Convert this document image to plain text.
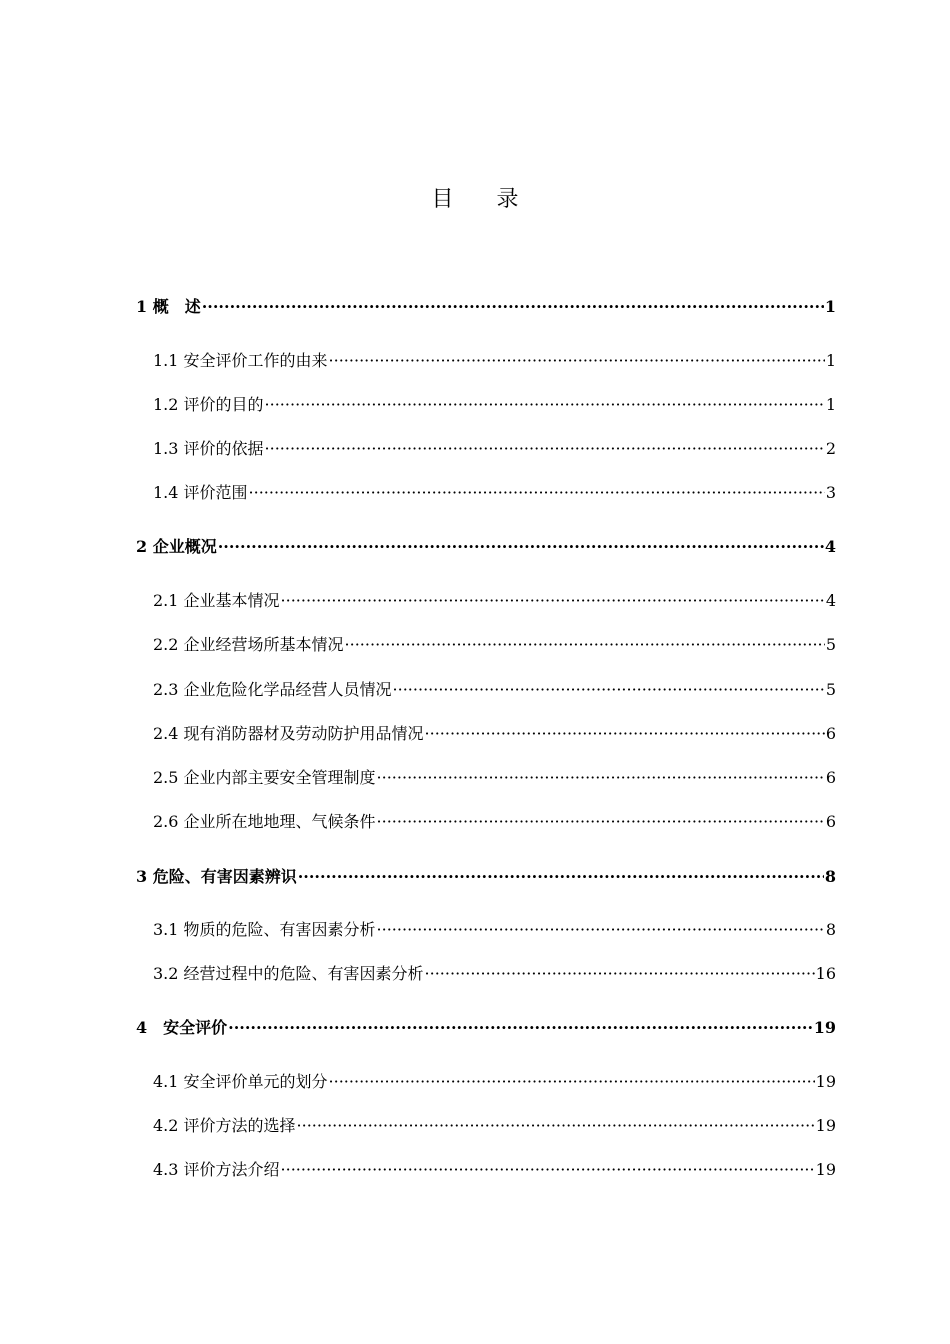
目 录
1 概　述 ·····	1
1.1 安全评价工作的由来 ·····	1
1.2 评价的目的 ·····	1
1.3 评价的依据 ·····	2
1.4 评价范围 ·····	3
2 企业概况 ·····	4
2.1 企业基本情况 ·····	4
2.2 企业经营场所基本情况 ·····	5
2.3 企业危险化学品经营人员情况 ·····	5
2.4 现有消防器材及劳动防护用品情况 ·····	6
2.5 企业内部主要安全管理制度 ·····	6
2.6 企业所在地地理、气候条件 ·····	6
3 危险、有害因素辨识 ·····	8
3.1 物质的危险、有害因素分析 ·····	8
3.2 经营过程中的危险、有害因素分析 ·····	16
4　安全评价 ·····	19
4.1 安全评价单元的划分 ·····	19
4.2 评价方法的选择 ·····	19
4.3 评价方法介绍 ·····	19
